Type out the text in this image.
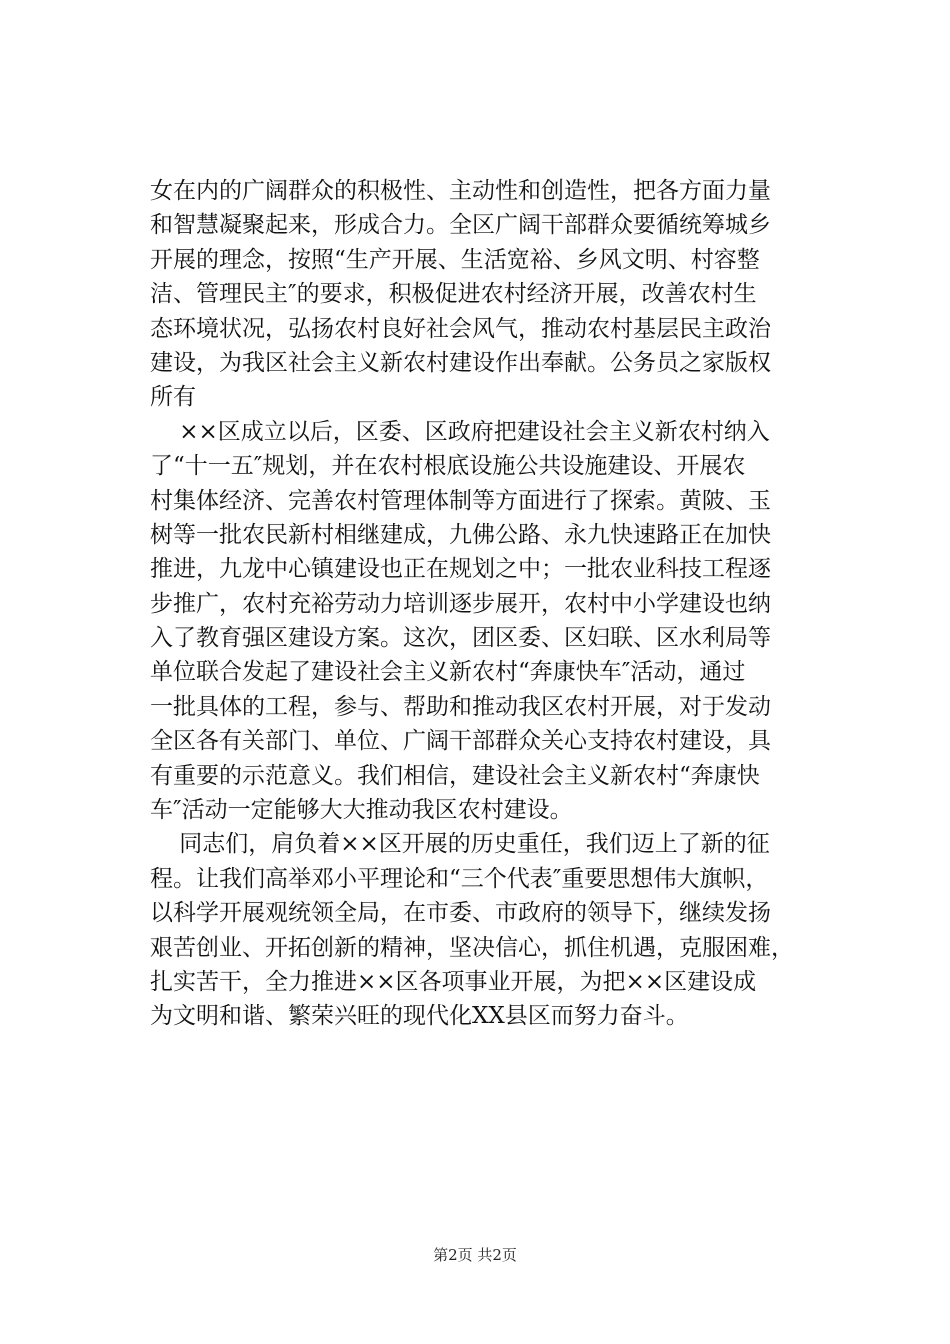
女在内的广阔群众的积极性、主动性和创造性，把各方面力量
和智慧凝聚起来，形成合力。全区广阔干部群众要循统筹城乡
开展的理念，按照“生产开展、生活宽裕、乡风文明、村容整
洁、管理民主″的要求，积极促进农村经济开展，改善农村生
态环境状况，弘扬农村良好社会风气，推动农村基层民主政治
建设，为我区社会主义新农村建设作出奉献。公务员之家版权
所有
××区成立以后，区委、区政府把建设社会主义新农村纳入
了“十一五″规划，并在农村根底设施公共设施建设、开展农
村集体经济、完善农村管理体制等方面进行了探索。黄陂、玉
树等一批农民新村相继建成，九佛公路、永九快速路正在加快
推进，九龙中心镇建设也正在规划之中；一批农业科技工程逐
步推广，农村充裕劳动力培训逐步展开，农村中小学建设也纳
入了教育强区建设方案。这次，团区委、区妇联、区水利局等
单位联合发起了建设社会主义新农村“奔康快车″活动，通过
一批具体的工程，参与、帮助和推动我区农村开展，对于发动
全区各有关部门、单位、广阔干部群众关心支持农村建设，具
有重要的示范意义。我们相信，建设社会主义新农村“奔康快
车″活动一定能够大大推动我区农村建设。
同志们，肩负着××区开展的历史重任，我们迈上了新的征
程。让我们高举邓小平理论和“三个代表″重要思想伟大旗帜，
以科学开展观统领全局，在市委、市政府的领导下，继续发扬
艰苦创业、开拓创新的精神，坚决信心，抓住机遇，克服困难，
扎实苦干，全力推进××区各项事业开展，为把××区建设成
为文明和谐、繁荣兴旺的现代化XX县区而努力奋斗。
第2页 共2页
